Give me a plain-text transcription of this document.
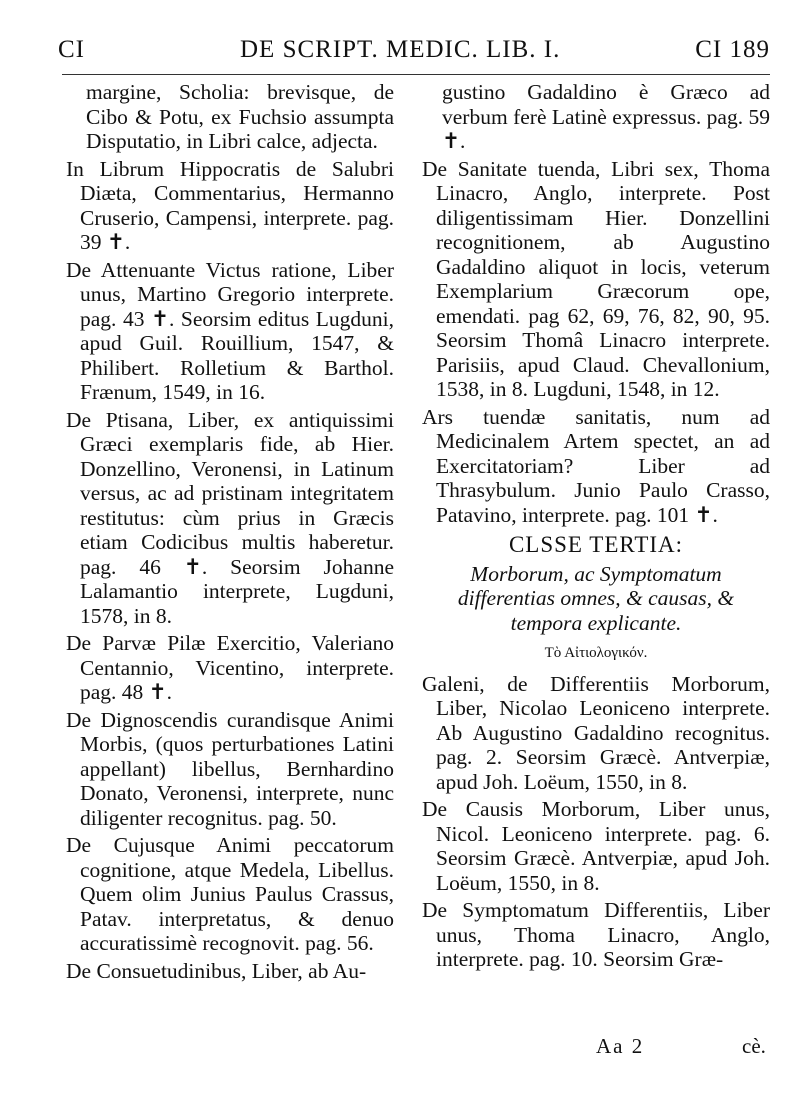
CI	DE SCRIPT. MEDIC. LIB. I.	CI 189

margine, Scholia: brevisque, de Cibo & Potu, ex Fuchsio assumpta Disputatio, in Libri calce, adjecta.

In Librum Hippocratis de Salubri Diæta, Commentarius, Hermanno Cruserio, Campensi, interprete. pag. 39 ✝.

De Attenuante Victus ratione, Liber unus, Martino Gregorio interprete. pag. 43 ✝. Seorsim editus Lugduni, apud Guil. Rouillium, 1547, & Philibert. Rolletium & Barthol. Frænum, 1549, in 16.

De Ptisana, Liber, ex antiquissimi Græci exemplaris fide, ab Hier. Donzellino, Veronensi, in Latinum versus, ac ad pristinam integritatem restitutus: cùm prius in Græcis etiam Codicibus multis haberetur. pag. 46 ✝. Seorsim Johanne Lalamantio interprete, Lugduni, 1578, in 8.

De Parvæ Pilæ Exercitio, Valeriano Centannio, Vicentino, interprete. pag. 48 ✝.

De Dignoscendis curandisque Animi Morbis, (quos perturbationes Latini appellant) libellus, Bernhardino Donato, Veronensi, interprete, nunc diligenter recognitus. pag. 50.

De Cujusque Animi peccatorum cognitione, atque Medela, Libellus. Quem olim Junius Paulus Crassus, Patav. interpretatus, & denuo accuratissimè recognovit. pag. 56.

De Consuetudinibus, Liber, ab Au-

gustino Gadaldino è Græco ad verbum ferè Latinè expressus. pag. 59 ✝.

De Sanitate tuenda, Libri sex, Thoma Linacro, Anglo, interprete. Post diligentissimam Hier. Donzellini recognitionem, ab Augustino Gadaldino aliquot in locis, veterum Exemplarium Græcorum ope, emendati. pag 62, 69, 76, 82, 90, 95. Seorsim Thomâ Linacro interprete. Parisiis, apud Claud. Chevallonium, 1538, in 8. Lugduni, 1548, in 12.

Ars tuendæ sanitatis, num ad Medicinalem Artem spectet, an ad Exercitatoriam? Liber ad Thrasybulum. Junio Paulo Crasso, Patavino, interprete. pag. 101 ✝.

CLSSE TERTIA:
Morborum, ac Symptomatum differentias omnes, & causas, & tempora explicante.
Τὸ Αἰτιολογικόν.

Galeni, de Differentiis Morborum, Liber, Nicolao Leoniceno interprete. Ab Augustino Gadaldino recognitus. pag. 2. Seorsim Græcè. Antverpiæ, apud Joh. Loëum, 1550, in 8.

De Causis Morborum, Liber unus, Nicol. Leoniceno interprete. pag. 6. Seorsim Græcè. Antverpiæ, apud Joh. Loëum, 1550, in 8.

De Symptomatum Differentiis, Liber unus, Thoma Linacro, Anglo, interprete. pag. 10. Seorsim Græ-

Aa 2	cè.
